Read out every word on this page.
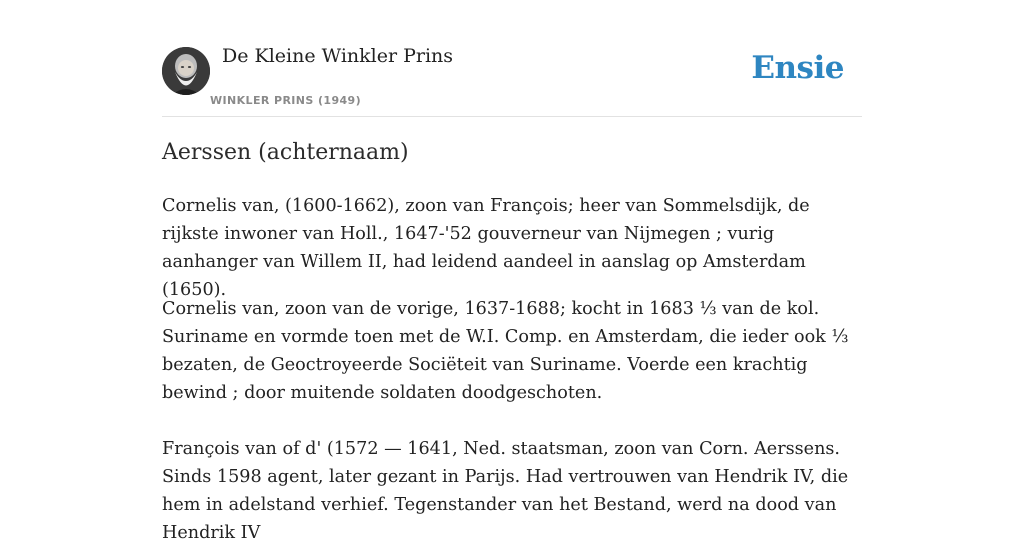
De Kleine Winkler Prins
WINKLER PRINS (1949)
Ensie
Aerssen (achternaam)

Cornelis van, (1600-1662), zoon van François; heer van Sommelsdijk, de rijkste inwoner van Holl., 1647-'52 gouverneur van Nijmegen ; vurig aanhanger van Willem II, had leidend aandeel in aanslag op Amsterdam (1650).

Cornelis van, zoon van de vorige, 1637-1688; kocht in 1683 ⅓ van de kol. Suriname en vormde toen met de W.I. Comp. en Amsterdam, die ieder ook ⅓ bezaten, de Geoctroyeerde Sociëteit van Suriname. Voerde een krachtig bewind ; door muitende soldaten doodgeschoten.

François van of d' (1572 — 1641, Ned. staatsman, zoon van Corn. Aerssens. Sinds 1598 agent, later gezant in Parijs. Had vertrouwen van Hendrik IV, die hem in adelstand verhief. Tegenstander van het Bestand, werd na dood van Hendrik IV
